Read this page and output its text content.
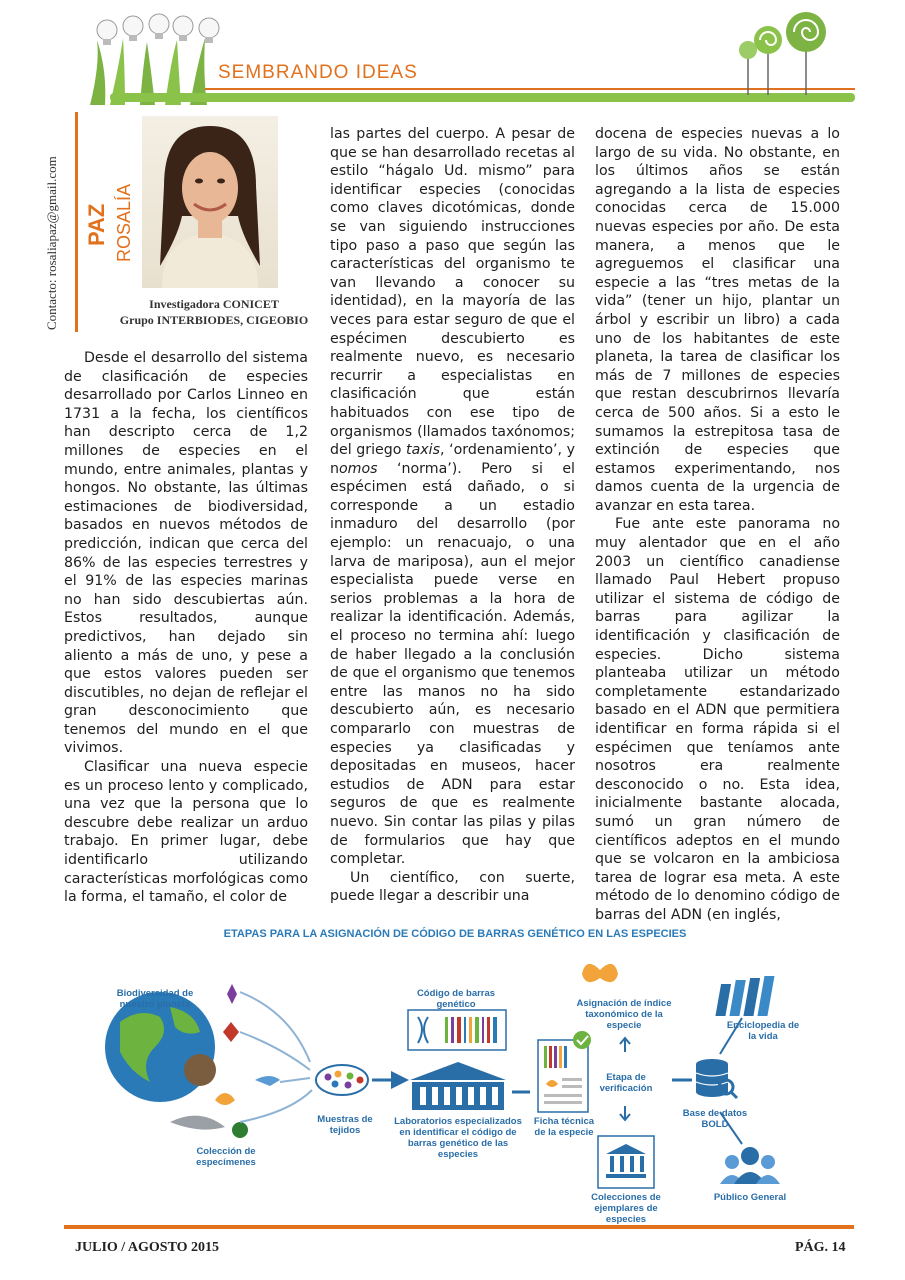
SEMBRANDO IDEAS
Contacto: rosaliapaz@gmail.com PAZ ROSALÍA
Investigadora CONICET
Grupo INTERBIODES, CIGEOBIO

Desde el desarrollo del sistema de clasificación de especies desarrollado por Carlos Linneo en 1731 a la fecha, los científicos han descripto cerca de 1,2 millones de especies en el mundo, entre animales, plantas y hongos. No obstante, las últimas estimaciones de biodiversidad, basados en nuevos métodos de predicción, indican que cerca del 86% de las especies terrestres y el 91% de las especies marinas no han sido descubiertas aún. Estos resultados, aunque predictivos, han dejado sin aliento a más de uno, y pese a que estos valores pueden ser discutibles, no dejan de reflejar el gran desconocimiento que tenemos del mundo en el que vivimos.

Clasificar una nueva especie es un proceso lento y complicado, una vez que la persona que lo descubre debe realizar un arduo trabajo. En primer lugar, debe identificarlo utilizando características morfológicas como la forma, el tamaño, el color de

las partes del cuerpo. A pesar de que se han desarrollado recetas al estilo “hágalo Ud. mismo” para identificar especies (conocidas como claves dicotómicas, donde se van siguiendo instrucciones tipo paso a paso que según las características del organismo te van llevando a conocer su identidad), en la mayoría de las veces para estar seguro de que el espécimen descubierto es realmente nuevo, es necesario recurrir a especialistas en clasificación que están habituados con ese tipo de organismos (llamados taxónomos; del griego taxis, ‘ordenamiento’, y nomos ‘norma’). Pero si el espécimen está dañado, o si corresponde a un estadio inmaduro del desarrollo (por ejemplo: un renacuajo, o una larva de mariposa), aun el mejor especialista puede verse en serios problemas a la hora de realizar la identificación. Además, el proceso no termina ahí: luego de haber llegado a la conclusión de que el organismo que tenemos entre las manos no ha sido descubierto aún, es necesario compararlo con muestras de especies ya clasificadas y depositadas en museos, hacer estudios de ADN para estar seguros de que es realmente nuevo. Sin contar las pilas y pilas de formularios que hay que completar.

Un científico, con suerte, puede llegar a describir una

docena de especies nuevas a lo largo de su vida. No obstante, en los últimos años se están agregando a la lista de especies conocidas cerca de 15.000 nuevas especies por año. De esta manera, a menos que le agreguemos el clasificar una especie a las “tres metas de la vida” (tener un hijo, plantar un árbol y escribir un libro) a cada uno de los habitantes de este planeta, la tarea de clasificar los más de 7 millones de especies que restan descubrirnos llevaría cerca de 500 años. Si a esto le sumamos la estrepitosa tasa de extinción de especies que estamos experimentando, nos damos cuenta de la urgencia de avanzar en esta tarea.

Fue ante este panorama no muy alentador que en el año 2003 un científico canadiense llamado Paul Hebert propuso utilizar el sistema de código de barras para agilizar la identificación y clasificación de especies. Dicho sistema planteaba utilizar un método completamente estandarizado basado en el ADN que permitiera identificar en forma rápida si el espécimen que teníamos ante nosotros era realmente desconocido o no. Esta idea, inicialmente bastante alocada, sumó un gran número de científicos adeptos en el mundo que se volcaron en la ambiciosa tarea de lograr esa meta. A este método de lo denomino código de barras del ADN (en inglés,

ETAPAS PARA LA ASIGNACIÓN DE CÓDIGO DE BARRAS GENÉTICO EN LAS ESPECIES
Biodiversidad de nuestro planeta
Colección de especímenes
Muestras de tejidos
Código de barras genético
Laboratorios especializados en identificar el código de barras genético de las especies
Ficha técnica de la especie
Asignación de índice taxonómico de la especie
Etapa de verificación
Colecciones de ejemplares de especies
Base de datos BOLD
Enciclopedia de la vida
Público General
JULIO / AGOSTO 2015	PÁG. 14
